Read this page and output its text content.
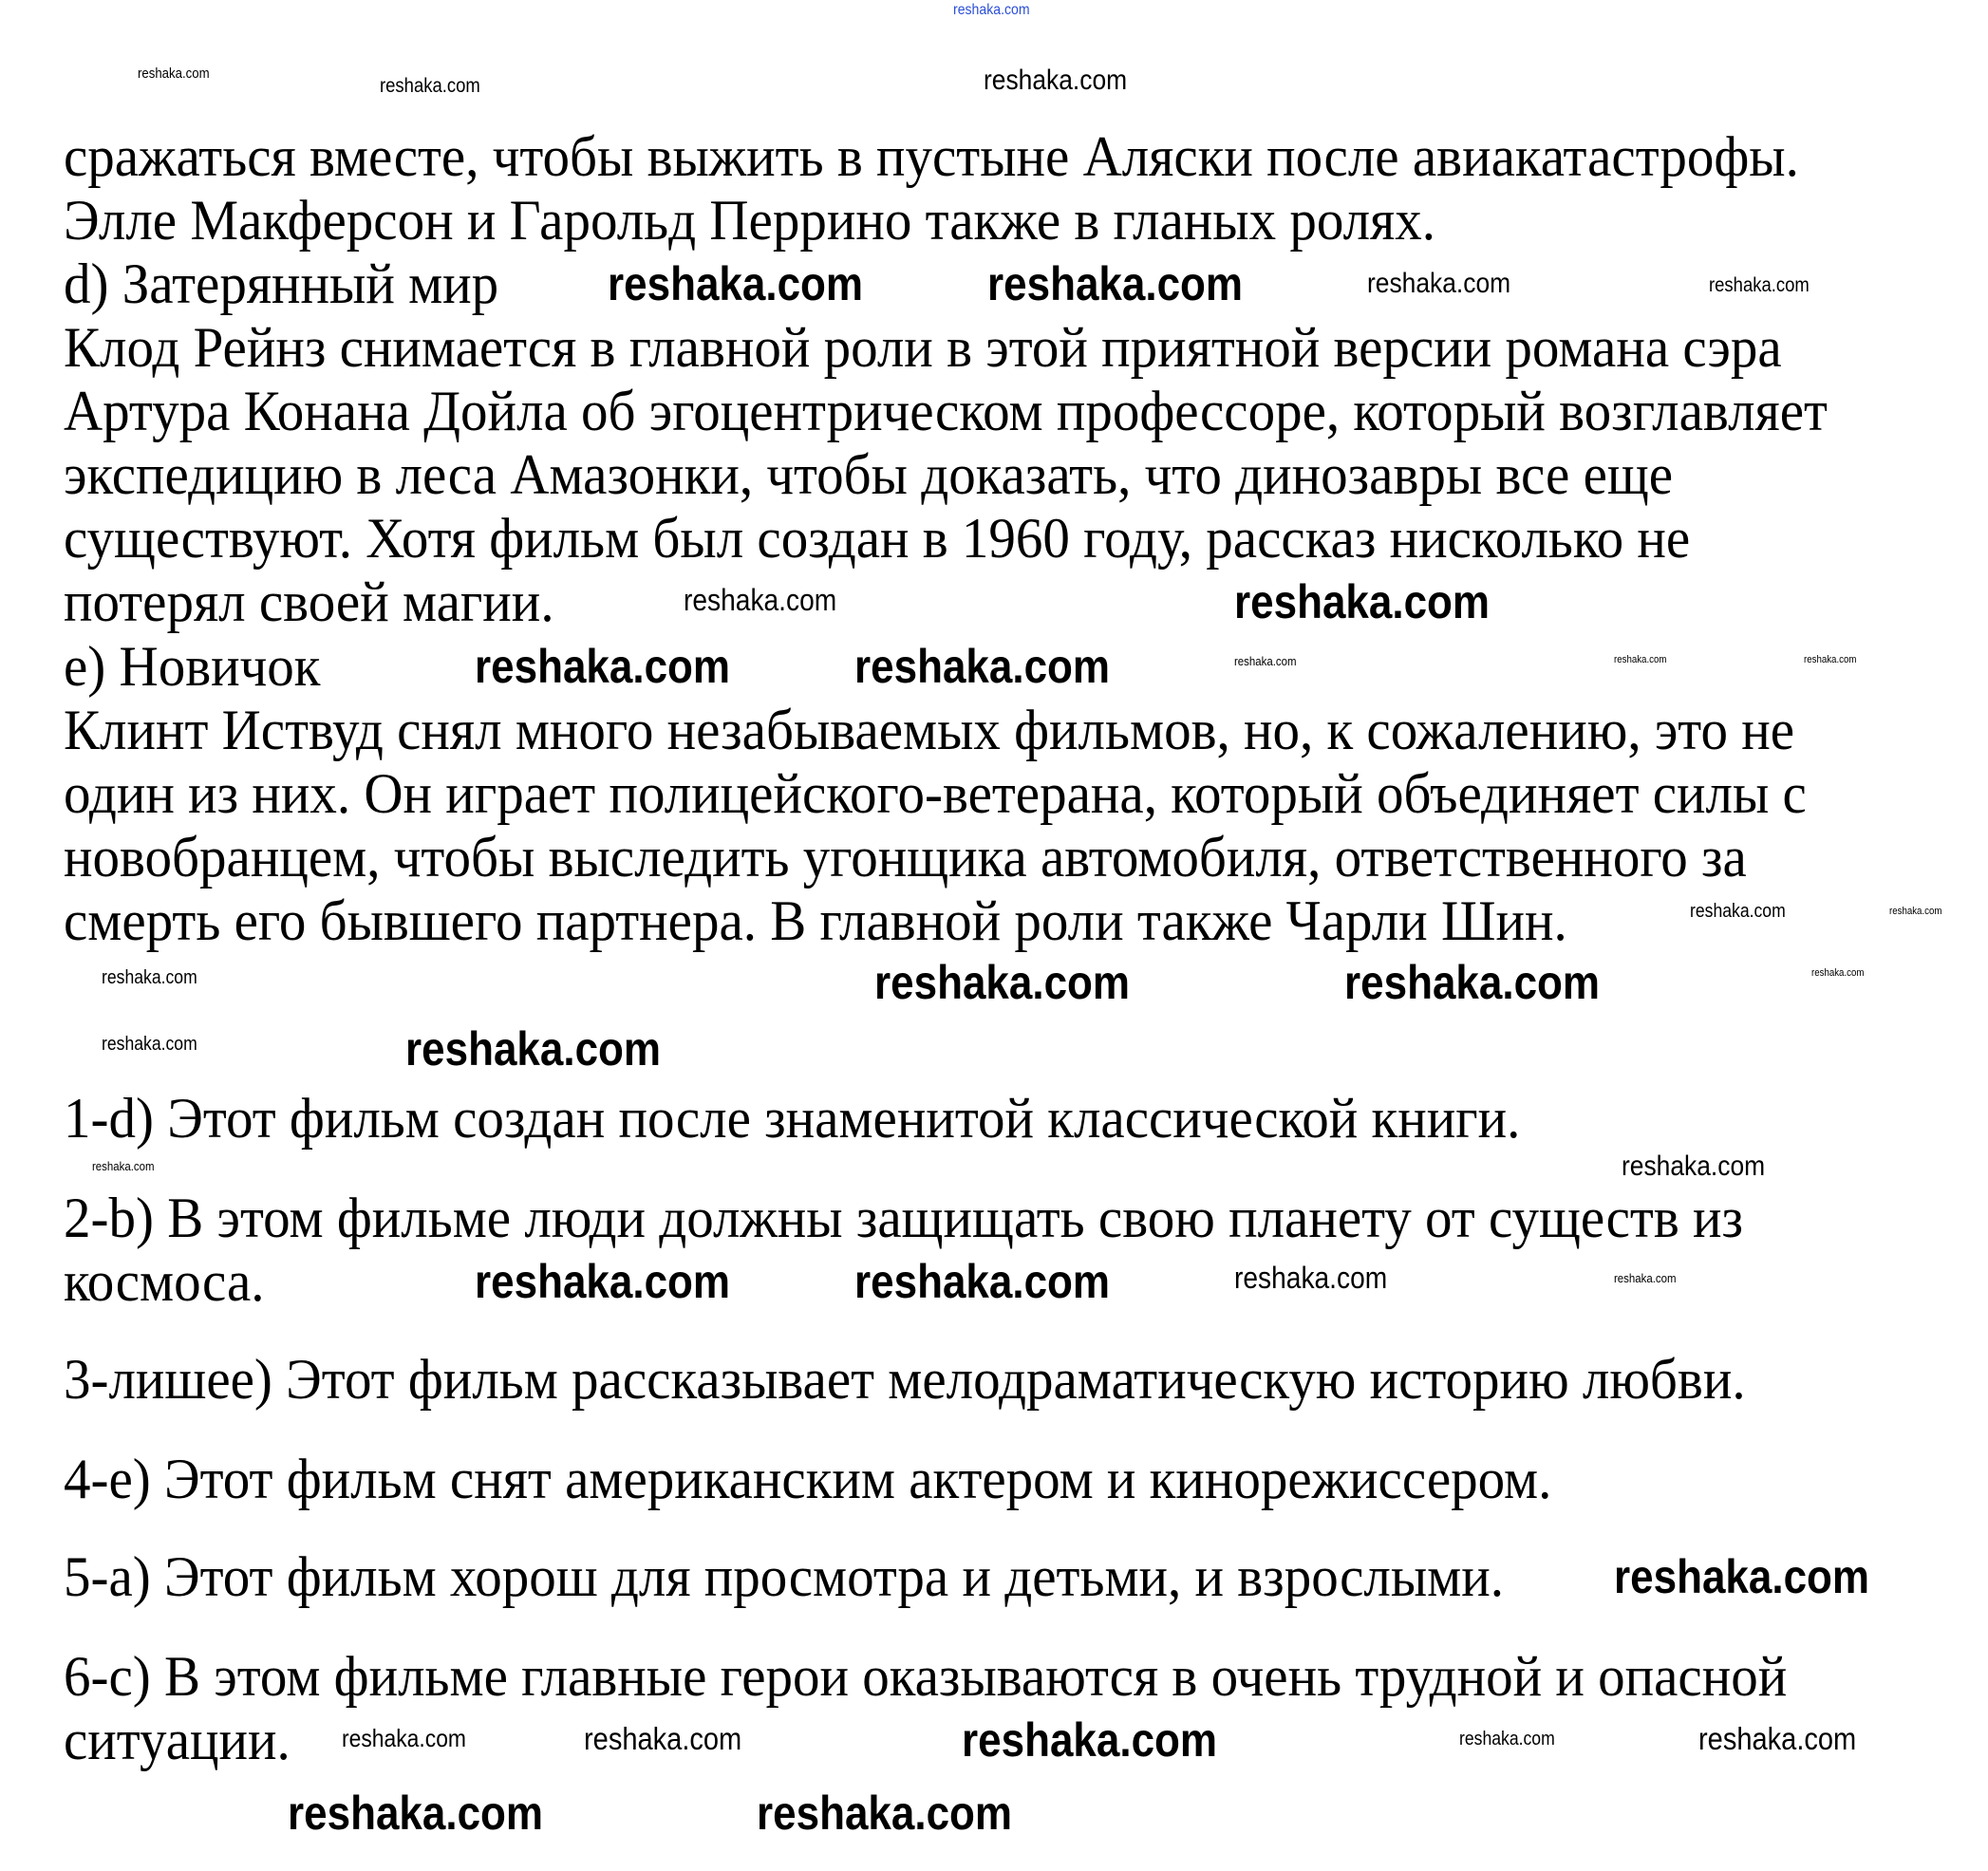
сражаться вместе, чтобы выжить в пустыне Аляски после авиакатастрофы.
Элле Макферсон и Гарольд Перрино также в гланых ролях.
d) Затерянный мир
Клод Рейнз снимается в главной роли в этой приятной версии романа сэра
Артура Конана Дойла об эгоцентрическом профессоре, который возглавляет
экспедицию в леса Амазонки, чтобы доказать, что динозавры все еще
существуют. Хотя фильм был создан в 1960 году, рассказ нисколько не
потерял своей магии.
e) Новичок
Клинт Иствуд снял много незабываемых фильмов, но, к сожалению, это не
один из них. Он играет полицейского-ветерана, который объединяет силы с
новобранцем, чтобы выследить угонщика автомобиля, ответственного за
смерть его бывшего партнера. В главной роли также Чарли Шин.
1-d) Этот фильм создан после знаменитой классической книги.
2-b) В этом фильме люди должны защищать свою планету от существ из
космоса.
3-лишее) Этот фильм рассказывает мелодраматическую историю любви.
4-e) Этот фильм снят американским актером и кинорежиссером.
5-a) Этот фильм хорош для просмотра и детьми, и взрослыми.
6-c) В этом фильме главные герои оказываются в очень трудной и опасной
ситуации.
reshaka.com
reshaka.com	reshaka.com
reshaka.com
reshaka.com	reshaka.com	reshaka.com	reshaka.com
reshaka.com
reshaka.com
reshaka.com	reshaka.com	reshaka.com	reshaka.com	reshaka.com
reshaka.com	reshaka.com
reshaka.com	reshaka.com	reshaka.com
reshaka.com
reshaka.com
reshaka.com
reshaka.com	reshaka.com
reshaka.com	reshaka.com	reshaka.com	reshaka.com
reshaka.com	reshaka.com
reshaka.com
reshaka.com	reshaka.com	reshaka.com	reshaka.com	reshaka.com
